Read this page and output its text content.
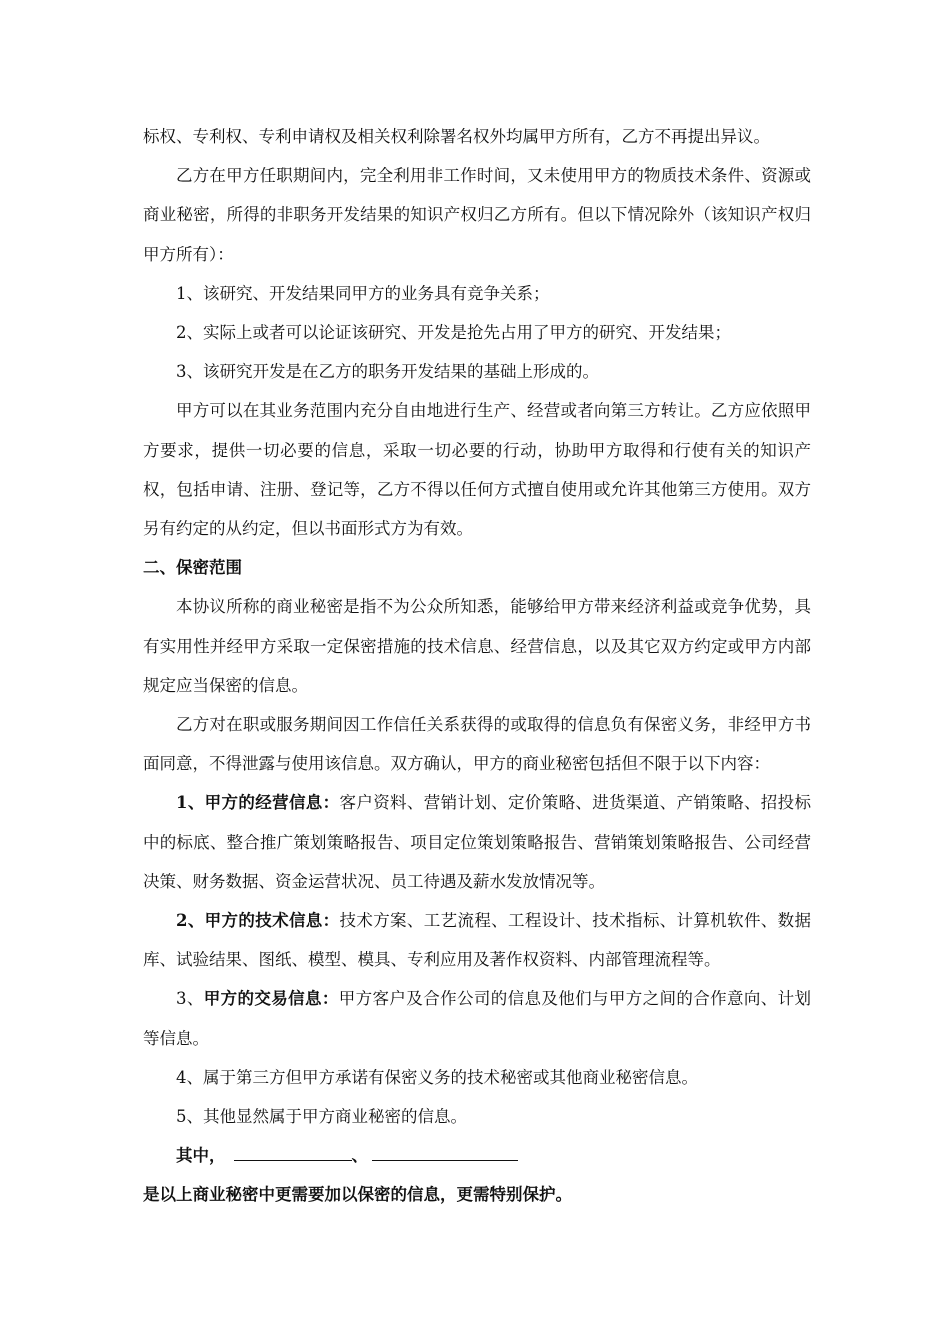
标权、专利权、专利申请权及相关权利除署名权外均属甲方所有，乙方不再提出异议。

乙方在甲方任职期间内，完全利用非工作时间，又未使用甲方的物质技术条件、资源或商业秘密，所得的非职务开发结果的知识产权归乙方所有。但以下情况除外（该知识产权归甲方所有）：

1、该研究、开发结果同甲方的业务具有竞争关系；

2、实际上或者可以论证该研究、开发是抢先占用了甲方的研究、开发结果；

3、该研究开发是在乙方的职务开发结果的基础上形成的。

甲方可以在其业务范围内充分自由地进行生产、经营或者向第三方转让。乙方应依照甲方要求，提供一切必要的信息，采取一切必要的行动，协助甲方取得和行使有关的知识产权，包括申请、注册、登记等，乙方不得以任何方式擅自使用或允许其他第三方使用。双方另有约定的从约定，但以书面形式方为有效。

二、保密范围

本协议所称的商业秘密是指不为公众所知悉，能够给甲方带来经济利益或竞争优势，具有实用性并经甲方采取一定保密措施的技术信息、经营信息，以及其它双方约定或甲方内部规定应当保密的信息。

乙方对在职或服务期间因工作信任关系获得的或取得的信息负有保密义务，非经甲方书面同意，不得泄露与使用该信息。双方确认，甲方的商业秘密包括但不限于以下内容：

1、甲方的经营信息：客户资料、营销计划、定价策略、进货渠道、产销策略、招投标中的标底、整合推广策划策略报告、项目定位策划策略报告、营销策划策略报告、公司经营决策、财务数据、资金运营状况、员工待遇及薪水发放情况等。

2、甲方的技术信息：技术方案、工艺流程、工程设计、技术指标、计算机软件、数据库、试验结果、图纸、模型、模具、专利应用及著作权资料、内部管理流程等。

3、甲方的交易信息：甲方客户及合作公司的信息及他们与甲方之间的合作意向、计划等信息。

4、属于第三方但甲方承诺有保密义务的技术秘密或其他商业秘密信息。

5、其他显然属于甲方商业秘密的信息。

其中，	、

是以上商业秘密中更需要加以保密的信息，更需特别保护。
